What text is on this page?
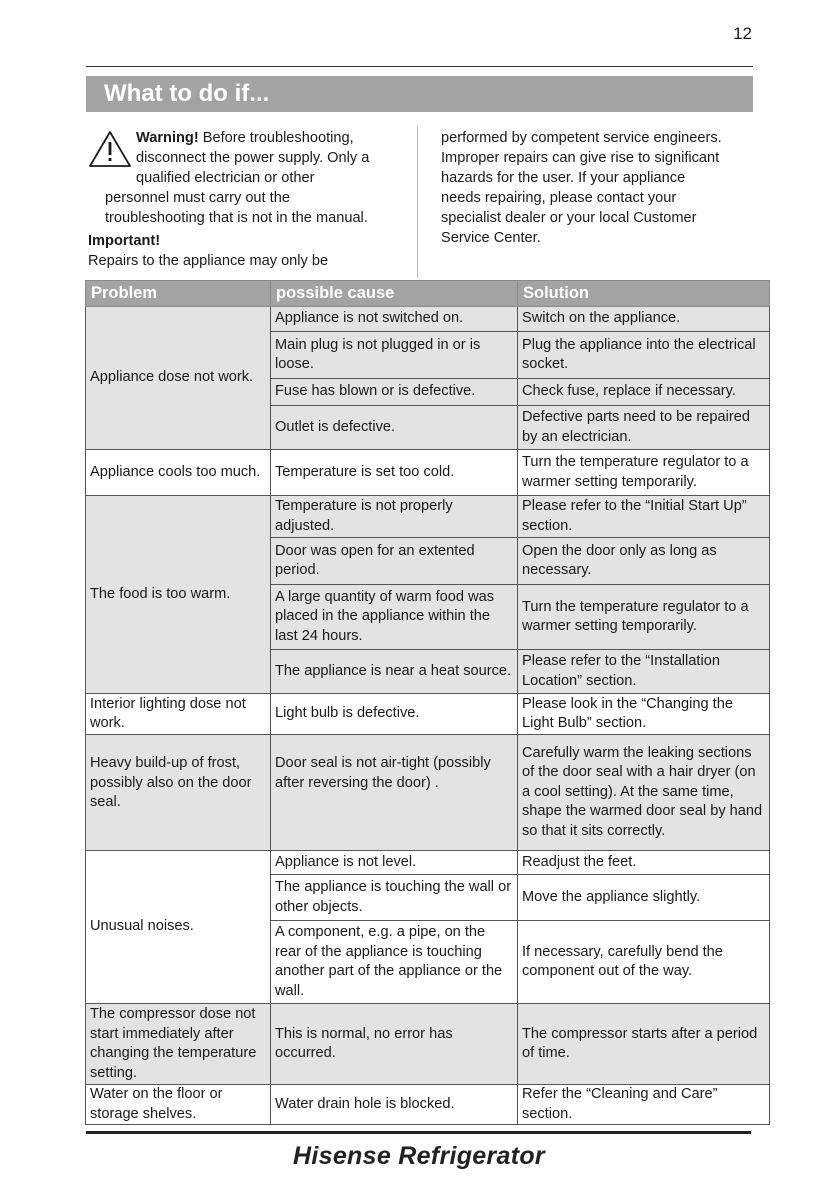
12
What to do if...
Warning! Before troubleshooting,
disconnect the power supply. Only a
qualified electrician or other
personnel must carry out the
troubleshooting that is not in the manual.
Important!
Repairs to the appliance may only be
performed by competent service engineers.
Improper repairs can give rise to significant
hazards for the user. If your appliance
needs repairing, please contact your
specialist dealer or your local Customer
Service Center.
Problem	possible cause	Solution
Appliance dose not work.	Appliance is not switched on.	Switch on the appliance.
	Main plug is not plugged in or is loose.	Plug the appliance into the electrical socket.
	Fuse has blown or is defective.	Check fuse, replace if necessary.
	Outlet is defective.	Defective parts need to be repaired by an electrician.
Appliance cools too much.	Temperature is set too cold.	Turn the temperature regulator to a warmer setting temporarily.
The food is too warm.	Temperature is not properly adjusted.	Please refer to the “Initial Start Up” section.
	Door was open for an extented period.	Open the door only as long as necessary.
	A large quantity of warm food was placed in the appliance within the last 24 hours.	Turn the temperature regulator to a warmer setting temporarily.
	The appliance is near a heat source.	Please refer to the “Installation Location” section.
Interior lighting dose not work.	Light bulb is defective.	Please look in the “Changing the Light Bulb” section.
Heavy build-up of frost, possibly also on the door seal.	Door seal is not air-tight (possibly after reversing the door) .	Carefully warm the leaking sections of the door seal with a hair dryer (on a cool setting). At the same time, shape the warmed door seal by hand so that it sits correctly.
Unusual noises.	Appliance is not level.	Readjust the feet.
	The appliance is touching the wall or other objects.	Move the appliance slightly.
	A component, e.g. a pipe, on the rear of the appliance is touching another part of the appliance or the wall.	If necessary, carefully bend the component out of the way.
The compressor dose not start immediately after changing the temperature setting.	This is normal, no error has occurred.	The compressor starts after a period of time.
Water on the floor or storage shelves.	Water drain hole is blocked.	Refer the “Cleaning and Care” section.
Hisense Refrigerator
